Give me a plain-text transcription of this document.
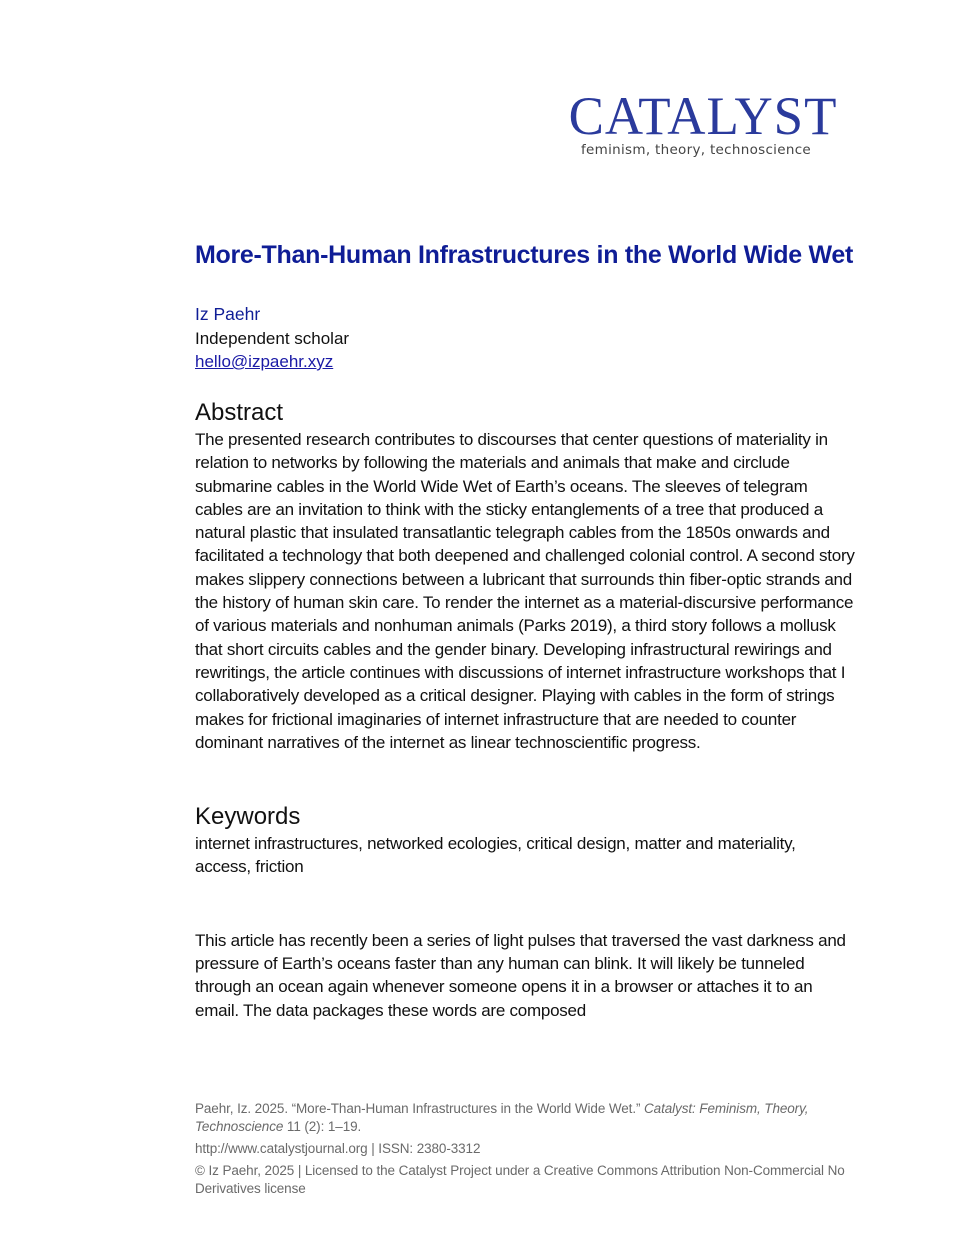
CATALYST
feminism, theory, technoscience
More-Than-Human Infrastructures in the World Wide Wet
Iz Paehr
Independent scholar
hello@izpaehr.xyz
Abstract

The presented research contributes to discourses that center questions of materiality in relation to networks by following the materials and animals that make and circlude submarine cables in the World Wide Wet of Earth’s oceans. The sleeves of telegram cables are an invitation to think with the sticky entanglements of a tree that produced a natural plastic that insulated transatlantic telegraph cables from the 1850s onwards and facilitated a technology that both deepened and challenged colonial control. A second story makes slippery connections between a lubricant that surrounds thin fiber-optic strands and the history of human skin care. To render the internet as a material-discursive performance of various materials and nonhuman animals (Parks 2019), a third story follows a mollusk that short circuits cables and the gender binary. Developing infrastructural rewirings and rewritings, the article continues with discussions of internet infrastructure workshops that I collaboratively developed as a critical designer. Playing with cables in the form of strings makes for frictional imaginaries of internet infrastructure that are needed to counter dominant narratives of the internet as linear technoscientific progress.

Keywords

internet infrastructures, networked ecologies, critical design, matter and materiality, access, friction

This article has recently been a series of light pulses that traversed the vast darkness and pressure of Earth’s oceans faster than any human can blink. It will likely be tunneled through an ocean again whenever someone opens it in a browser or attaches it to an email. The data packages these words are composed

Paehr, Iz. 2025. “More-Than-Human Infrastructures in the World Wide Wet.” Catalyst: Feminism, Theory, Technoscience 11 (2): 1–19.

http://www.catalystjournal.org | ISSN: 2380-3312

© Iz Paehr, 2025 | Licensed to the Catalyst Project under a Creative Commons Attribution Non-Commercial No Derivatives license
